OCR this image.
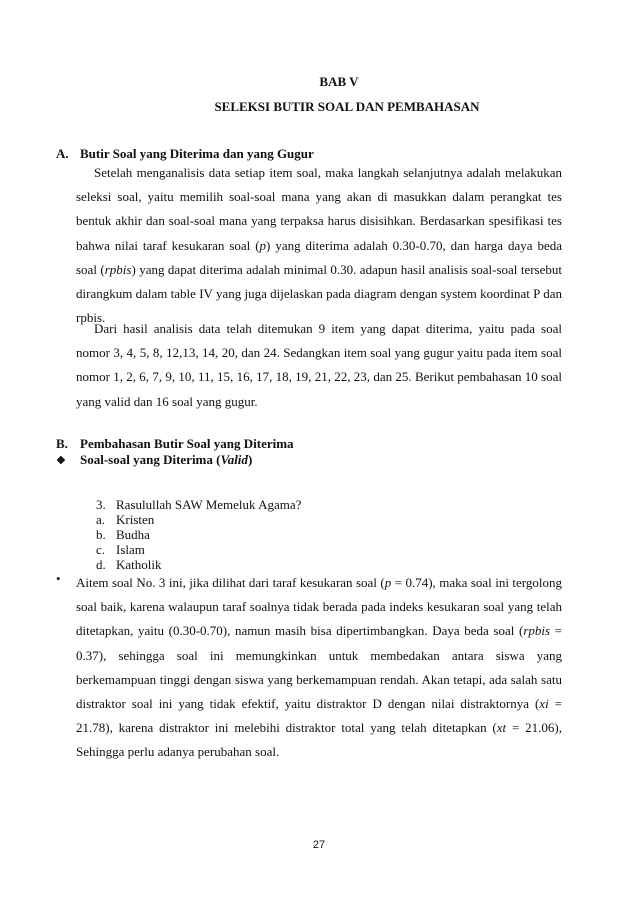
BAB V
SELEKSI BUTIR SOAL DAN PEMBAHASAN
A. Butir Soal yang Diterima dan yang Gugur
Setelah menganalisis data setiap item soal, maka langkah selanjutnya adalah melakukan seleksi soal, yaitu memilih soal-soal mana yang akan di masukkan dalam perangkat tes bentuk akhir dan soal-soal mana yang terpaksa harus disisihkan. Berdasarkan spesifikasi tes bahwa nilai taraf kesukaran soal (p) yang diterima adalah 0.30-0.70, dan harga daya beda soal (rpbis) yang dapat diterima adalah minimal 0.30. adapun hasil analisis soal-soal tersebut dirangkum dalam table IV yang juga dijelaskan pada diagram dengan system koordinat P dan rpbis.
Dari hasil analisis data telah ditemukan 9 item yang dapat diterima, yaitu pada soal nomor 3, 4, 5, 8, 12,13, 14, 20, dan 24. Sedangkan item soal yang gugur yaitu pada item soal nomor 1, 2, 6, 7, 9, 10, 11, 15, 16, 17, 18, 19, 21, 22, 23, dan 25. Berikut pembahasan 10 soal yang valid dan 16 soal yang gugur.
B. Pembahasan Butir Soal yang Diterima
❖ Soal-soal yang Diterima (Valid)
3. Rasulullah SAW Memeluk Agama?
a. Kristen
b. Budha
c. Islam
d. Katholik
• Aitem soal No. 3 ini, jika dilihat dari taraf kesukaran soal (p = 0.74), maka soal ini tergolong soal baik, karena walaupun taraf soalnya tidak berada pada indeks kesukaran soal yang telah ditetapkan, yaitu (0.30-0.70), namun masih bisa dipertimbangkan. Daya beda soal (rpbis = 0.37), sehingga soal ini memungkinkan untuk membedakan antara siswa yang berkemampuan tinggi dengan siswa yang berkemampuan rendah. Akan tetapi, ada salah satu distraktor soal ini yang tidak efektif, yaitu distraktor D dengan nilai distraktornya (xi = 21.78), karena distraktor ini melebihi distraktor total yang telah ditetapkan (xt = 21.06), Sehingga perlu adanya perubahan soal.
27
